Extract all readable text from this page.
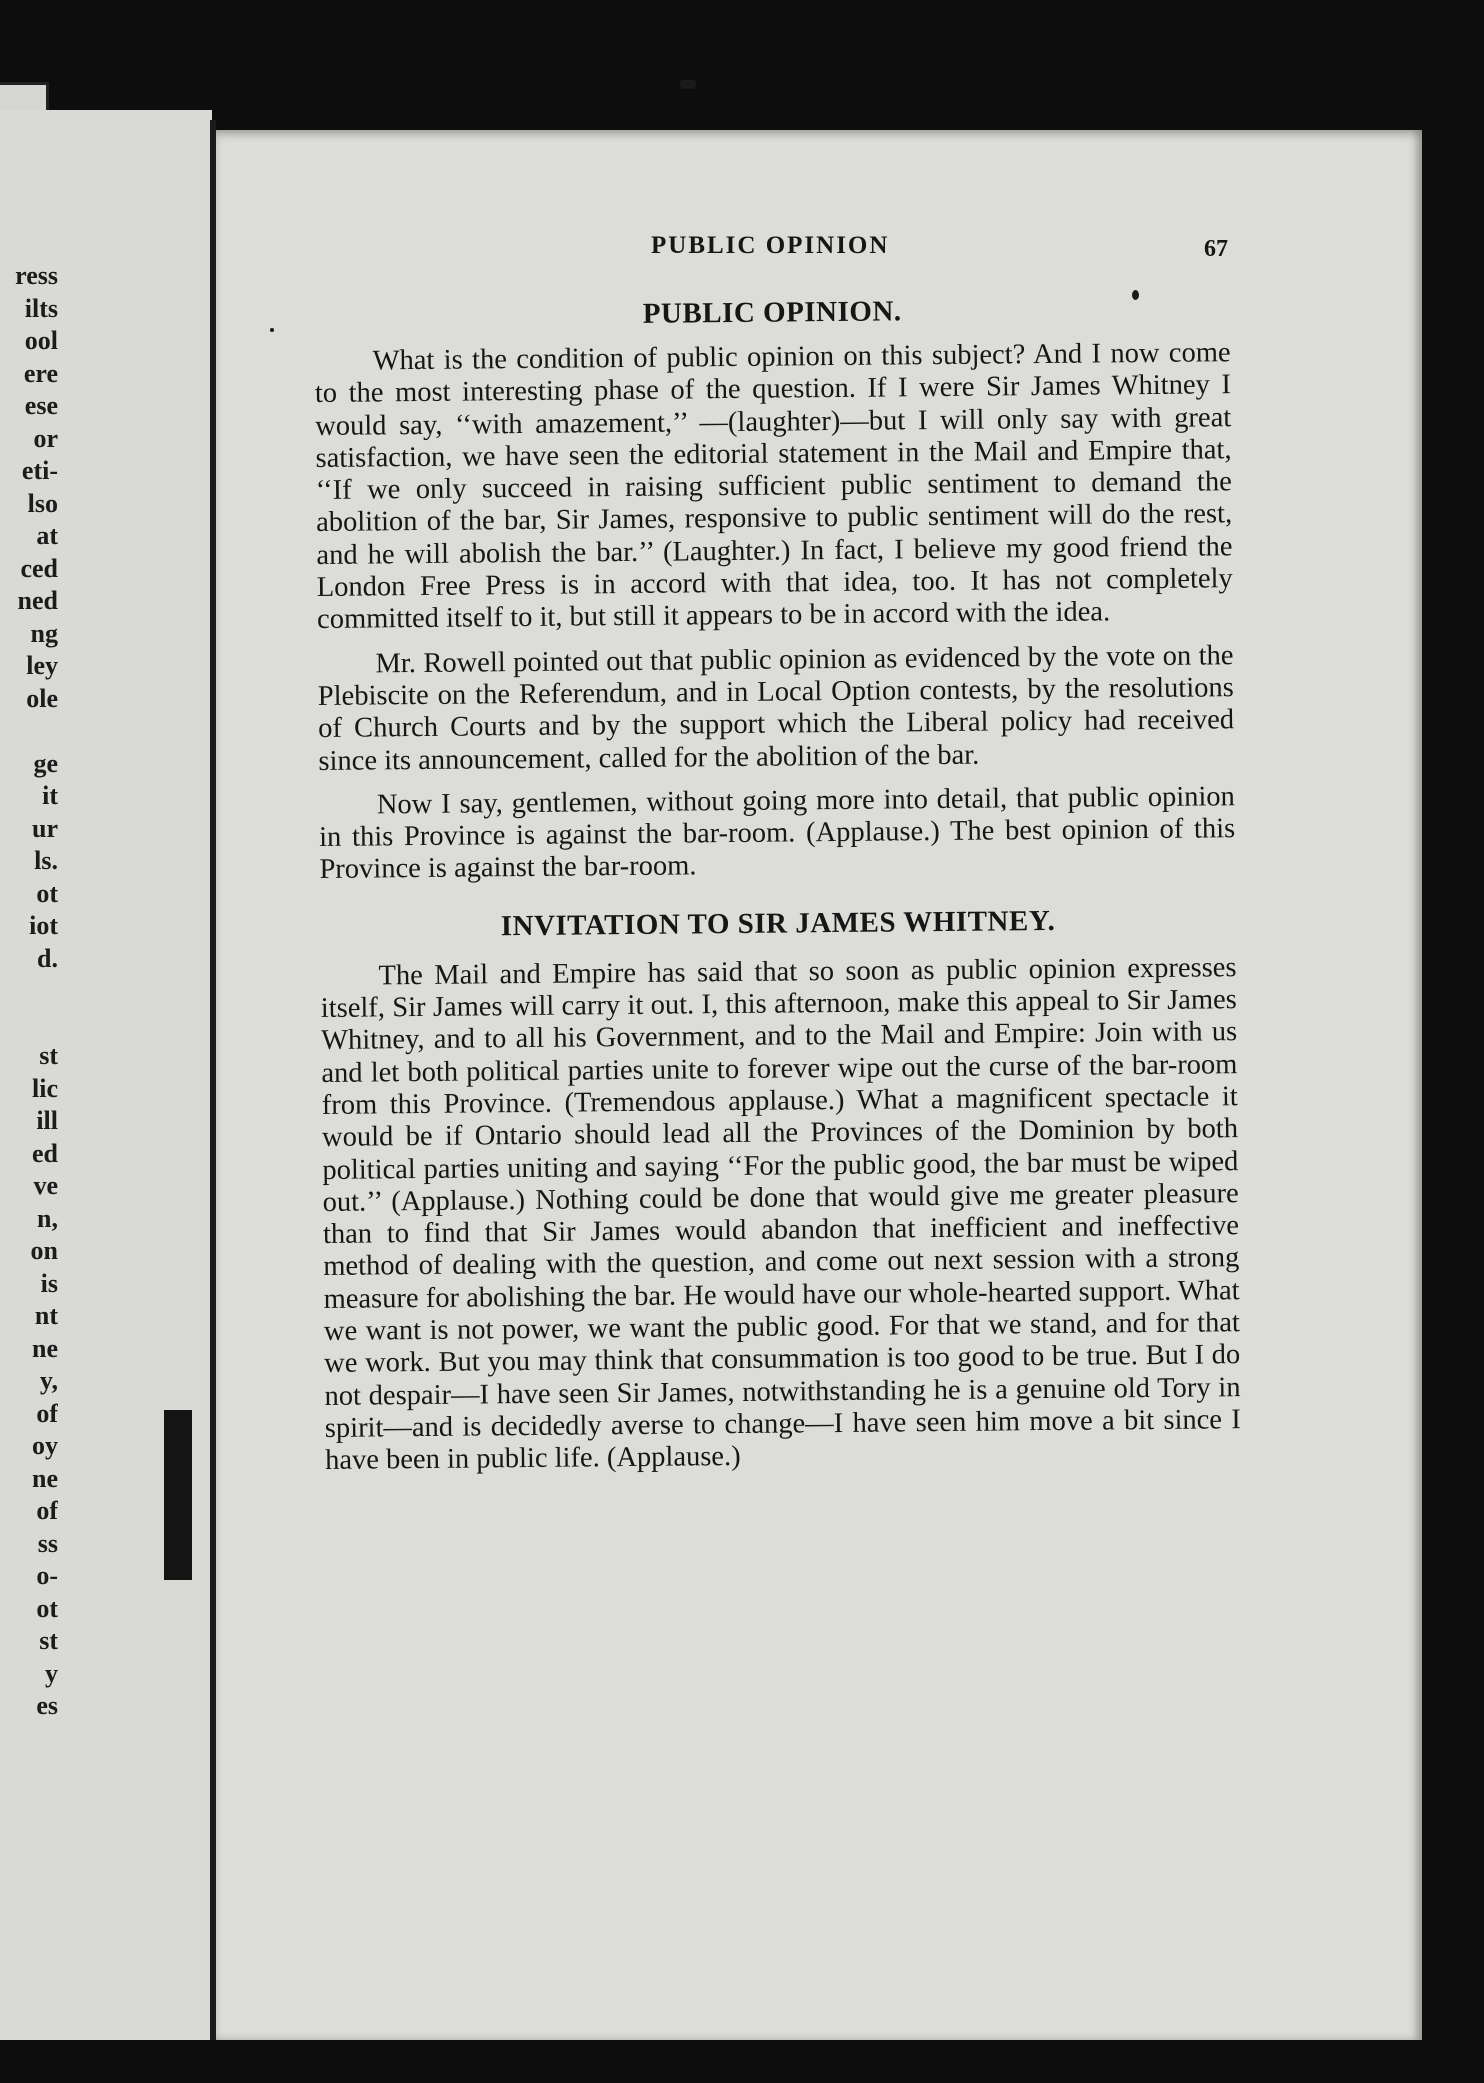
ress
ilts
ool
ere
ese
or
eti-
lso
at
ced
ned
ng
ley
ole
ge
it
ur
ls.
ot
iot
d.
st
lic
ill
ed
ve
n,
on
is
nt
ne
y,
of
oy
ne
of
ss
o-
ot
st
y
es
PUBLIC OPINION	67
PUBLIC OPINION.

What is the condition of public opinion on this subject? And I now come to the most interesting phase of the question. If I were Sir James Whitney I would say, ‘‘with amazement,’’ —(laughter)—but I will only say with great satisfaction, we have seen the editorial statement in the Mail and Empire that, ‘‘If we only succeed in raising sufficient public sentiment to demand the abolition of the bar, Sir James, responsive to public sentiment will do the rest, and he will abolish the bar.’’ (Laughter.) In fact, I believe my good friend the London Free Press is in accord with that idea, too. It has not completely committed itself to it, but still it appears to be in accord with the idea.

Mr. Rowell pointed out that public opinion as evidenced by the vote on the Plebiscite on the Referendum, and in Local Option contests, by the resolutions of Church Courts and by the support which the Liberal policy had received since its announcement, called for the abolition of the bar.

Now I say, gentlemen, without going more into detail, that public opinion in this Province is against the bar-room. (Applause.) The best opinion of this Province is against the bar-room.

INVITATION TO SIR JAMES WHITNEY.

The Mail and Empire has said that so soon as public opinion expresses itself, Sir James will carry it out. I, this afternoon, make this appeal to Sir James Whitney, and to all his Government, and to the Mail and Empire: Join with us and let both political parties unite to forever wipe out the curse of the bar-room from this Province. (Tremendous applause.) What a magnificent spectacle it would be if Ontario should lead all the Provinces of the Dominion by both political parties uniting and saying ‘‘For the public good, the bar must be wiped out.’’ (Applause.) Nothing could be done that would give me greater pleasure than to find that Sir James would abandon that inefficient and ineffective method of dealing with the question, and come out next session with a strong measure for abolishing the bar. He would have our whole-hearted support. What we want is not power, we want the public good. For that we stand, and for that we work. But you may think that consummation is too good to be true. But I do not despair—I have seen Sir James, notwithstanding he is a genuine old Tory in spirit—and is decidedly averse to change—I have seen him move a bit since I have been in public life. (Applause.)
